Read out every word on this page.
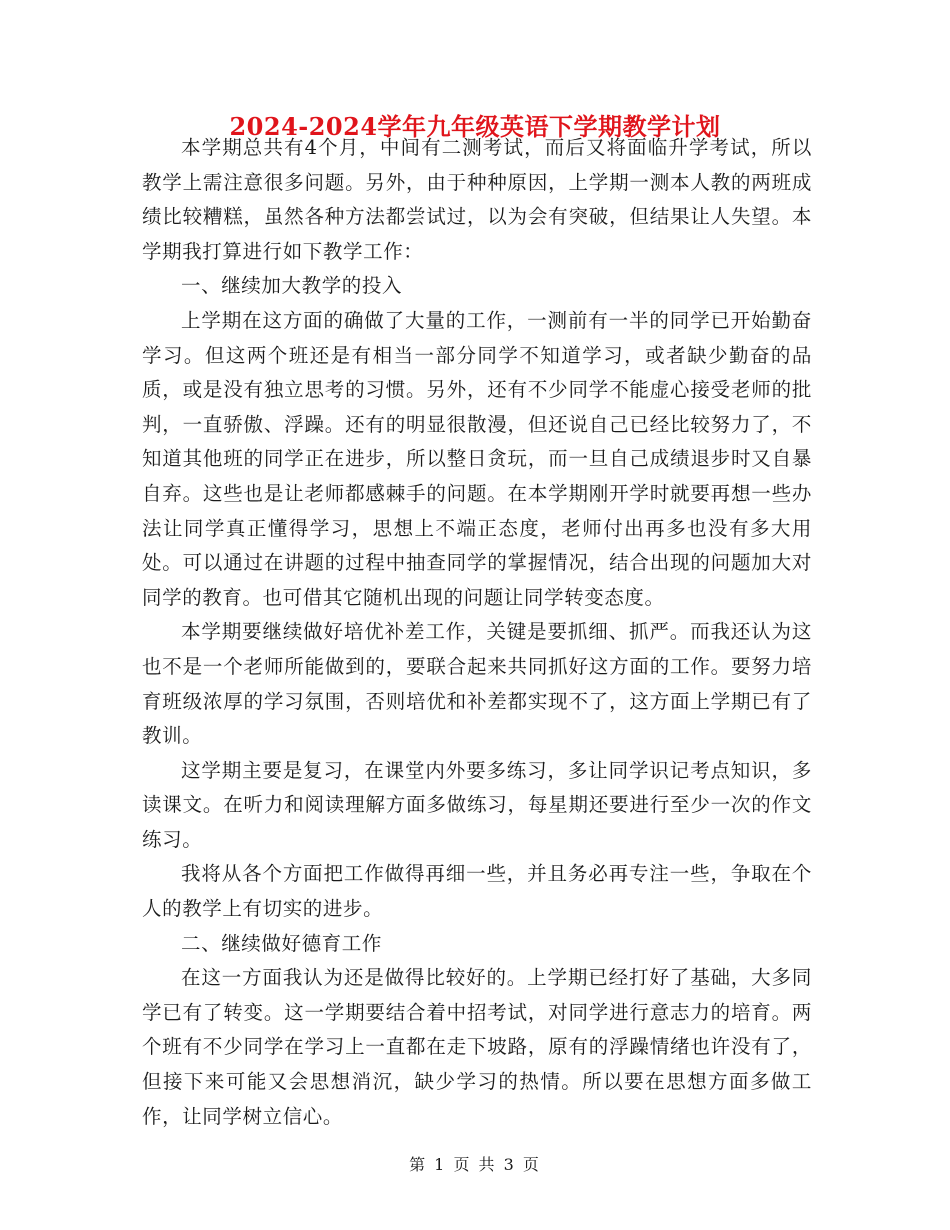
2024-2024学年九年级英语下学期教学计划

本学期总共有4个月，中间有二测考试，而后又将面临升学考试，所以教学上需注意很多问题。另外，由于种种原因，上学期一测本人教的两班成绩比较糟糕，虽然各种方法都尝试过，以为会有突破，但结果让人失望。本学期我打算进行如下教学工作：

一、继续加大教学的投入

上学期在这方面的确做了大量的工作，一测前有一半的同学已开始勤奋学习。但这两个班还是有相当一部分同学不知道学习，或者缺少勤奋的品质，或是没有独立思考的习惯。另外，还有不少同学不能虚心接受老师的批判，一直骄傲、浮躁。还有的明显很散漫，但还说自己已经比较努力了，不知道其他班的同学正在进步，所以整日贪玩，而一旦自己成绩退步时又自暴自弃。这些也是让老师都感棘手的问题。在本学期刚开学时就要再想一些办法让同学真正懂得学习，思想上不端正态度，老师付出再多也没有多大用处。可以通过在讲题的过程中抽查同学的掌握情况，结合出现的问题加大对同学的教育。也可借其它随机出现的问题让同学转变态度。

本学期要继续做好培优补差工作，关键是要抓细、抓严。而我还认为这也不是一个老师所能做到的，要联合起来共同抓好这方面的工作。要努力培育班级浓厚的学习氛围，否则培优和补差都实现不了，这方面上学期已有了教训。

这学期主要是复习，在课堂内外要多练习，多让同学识记考点知识，多读课文。在听力和阅读理解方面多做练习，每星期还要进行至少一次的作文练习。

我将从各个方面把工作做得再细一些，并且务必再专注一些，争取在个人的教学上有切实的进步。

二、继续做好德育工作

在这一方面我认为还是做得比较好的。上学期已经打好了基础，大多同学已有了转变。这一学期要结合着中招考试，对同学进行意志力的培育。两个班有不少同学在学习上一直都在走下坡路，原有的浮躁情绪也许没有了，但接下来可能又会思想消沉，缺少学习的热情。所以要在思想方面多做工作，让同学树立信心。

第 1 页 共 3 页
